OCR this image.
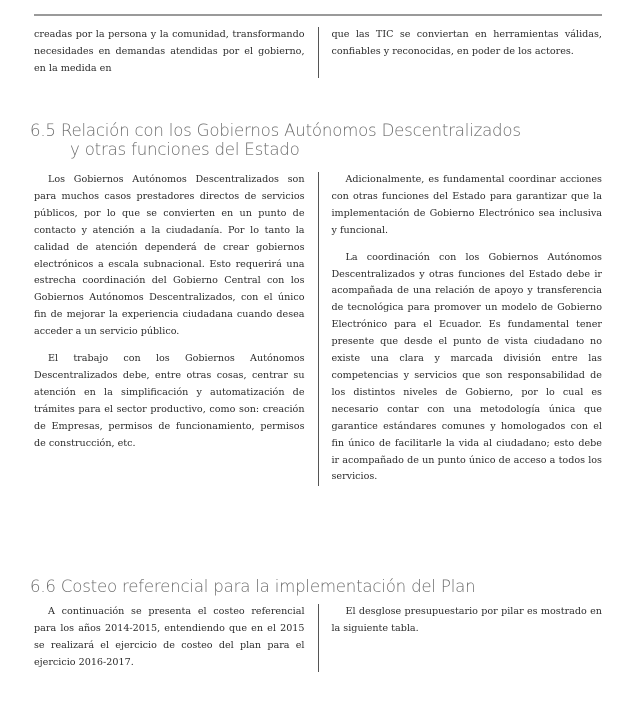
creadas por la persona y la comunidad, transformando necesidades en demandas atendidas por el gobierno, en la medida en

que las TIC se conviertan en herramientas válidas, confiables y reconocidas, en poder de los actores.

6.5 Relación con los Gobiernos Autónomos Descentralizados
y otras funciones del Estado

Los Gobiernos Autónomos Descentralizados son para muchos casos prestadores directos de servicios públicos, por lo que se convierten en un punto de contacto y atención a la ciudadanía. Por lo tanto la calidad de atención dependerá de crear gobiernos electrónicos a escala subnacional. Esto requerirá una estrecha coordinación del Gobierno Central con los Gobiernos Autónomos Descentralizados, con el único fin de mejorar la experiencia ciudadana cuando desea acceder a un servicio público.

El trabajo con los Gobiernos Autónomos Descentralizados debe, entre otras cosas, centrar su atención en la simplificación y automatización de trámites para el sector productivo, como son: creación de Empresas, permisos de funcionamiento, permisos de construcción, etc.

Adicionalmente, es fundamental coordinar acciones con otras funciones del Estado para garantizar que la implementación de Gobierno Electrónico sea inclusiva y funcional.

La coordinación con los Gobiernos Autónomos Descentralizados y otras funciones del Estado debe ir acompañada de una relación de apoyo y transferencia de tecnológica para promover un modelo de Gobierno Electrónico para el Ecuador. Es fundamental tener presente que desde el punto de vista ciudadano no existe una clara y marcada división entre las competencias y servicios que son responsabilidad de los distintos niveles de Gobierno, por lo cual es necesario contar con una metodología única que garantice estándares comunes y homologados con el fin único de facilitarle la vida al ciudadano; esto debe ir acompañado de un punto único de acceso a todos los servicios.

6.6 Costeo referencial para la implementación del Plan

A continuación se presenta el costeo referencial para los años 2014-2015, entendiendo que en el 2015 se realizará el ejercicio de costeo del plan para el ejercicio 2016-2017.

El desglose presupuestario por pilar es mostrado en la siguiente tabla.
